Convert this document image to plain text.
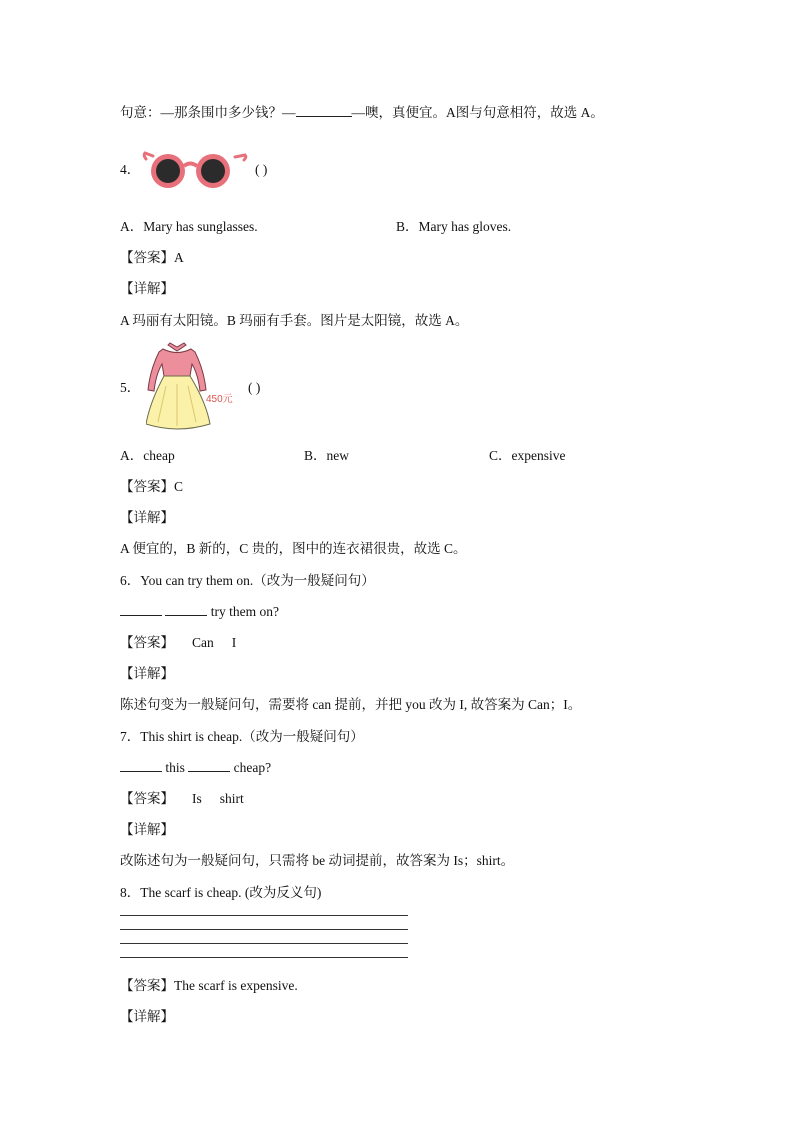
句意：—那条围巾多少钱？—	—噢，真便宜。A图与句意相符，故选 A。
4．	( )
A．Mary has sunglasses.	B．Mary has gloves.
【答案】A
【详解】
A 玛丽有太阳镜。B 玛丽有手套。图片是太阳镜，故选 A。
5．
450元
( )
A．cheap	B．new	C．expensive
【答案】C
【详解】
A 便宜的，B 新的，C 贵的，图中的连衣裙很贵，故选 C。
6．You can try them on.（改为一般疑问句）
try them on?
【答案】 Can I
【详解】
陈述句变为一般疑问句，需要将 can 提前，并把 you 改为 I, 故答案为 Can；I。
7．This shirt is cheap.（改为一般疑问句）
this	cheap?
【答案】 Is shirt
【详解】
改陈述句为一般疑问句，只需将 be 动词提前，故答案为 Is；shirt。
8．The scarf is cheap. (改为反义句)
【答案】The scarf is expensive.
【详解】
